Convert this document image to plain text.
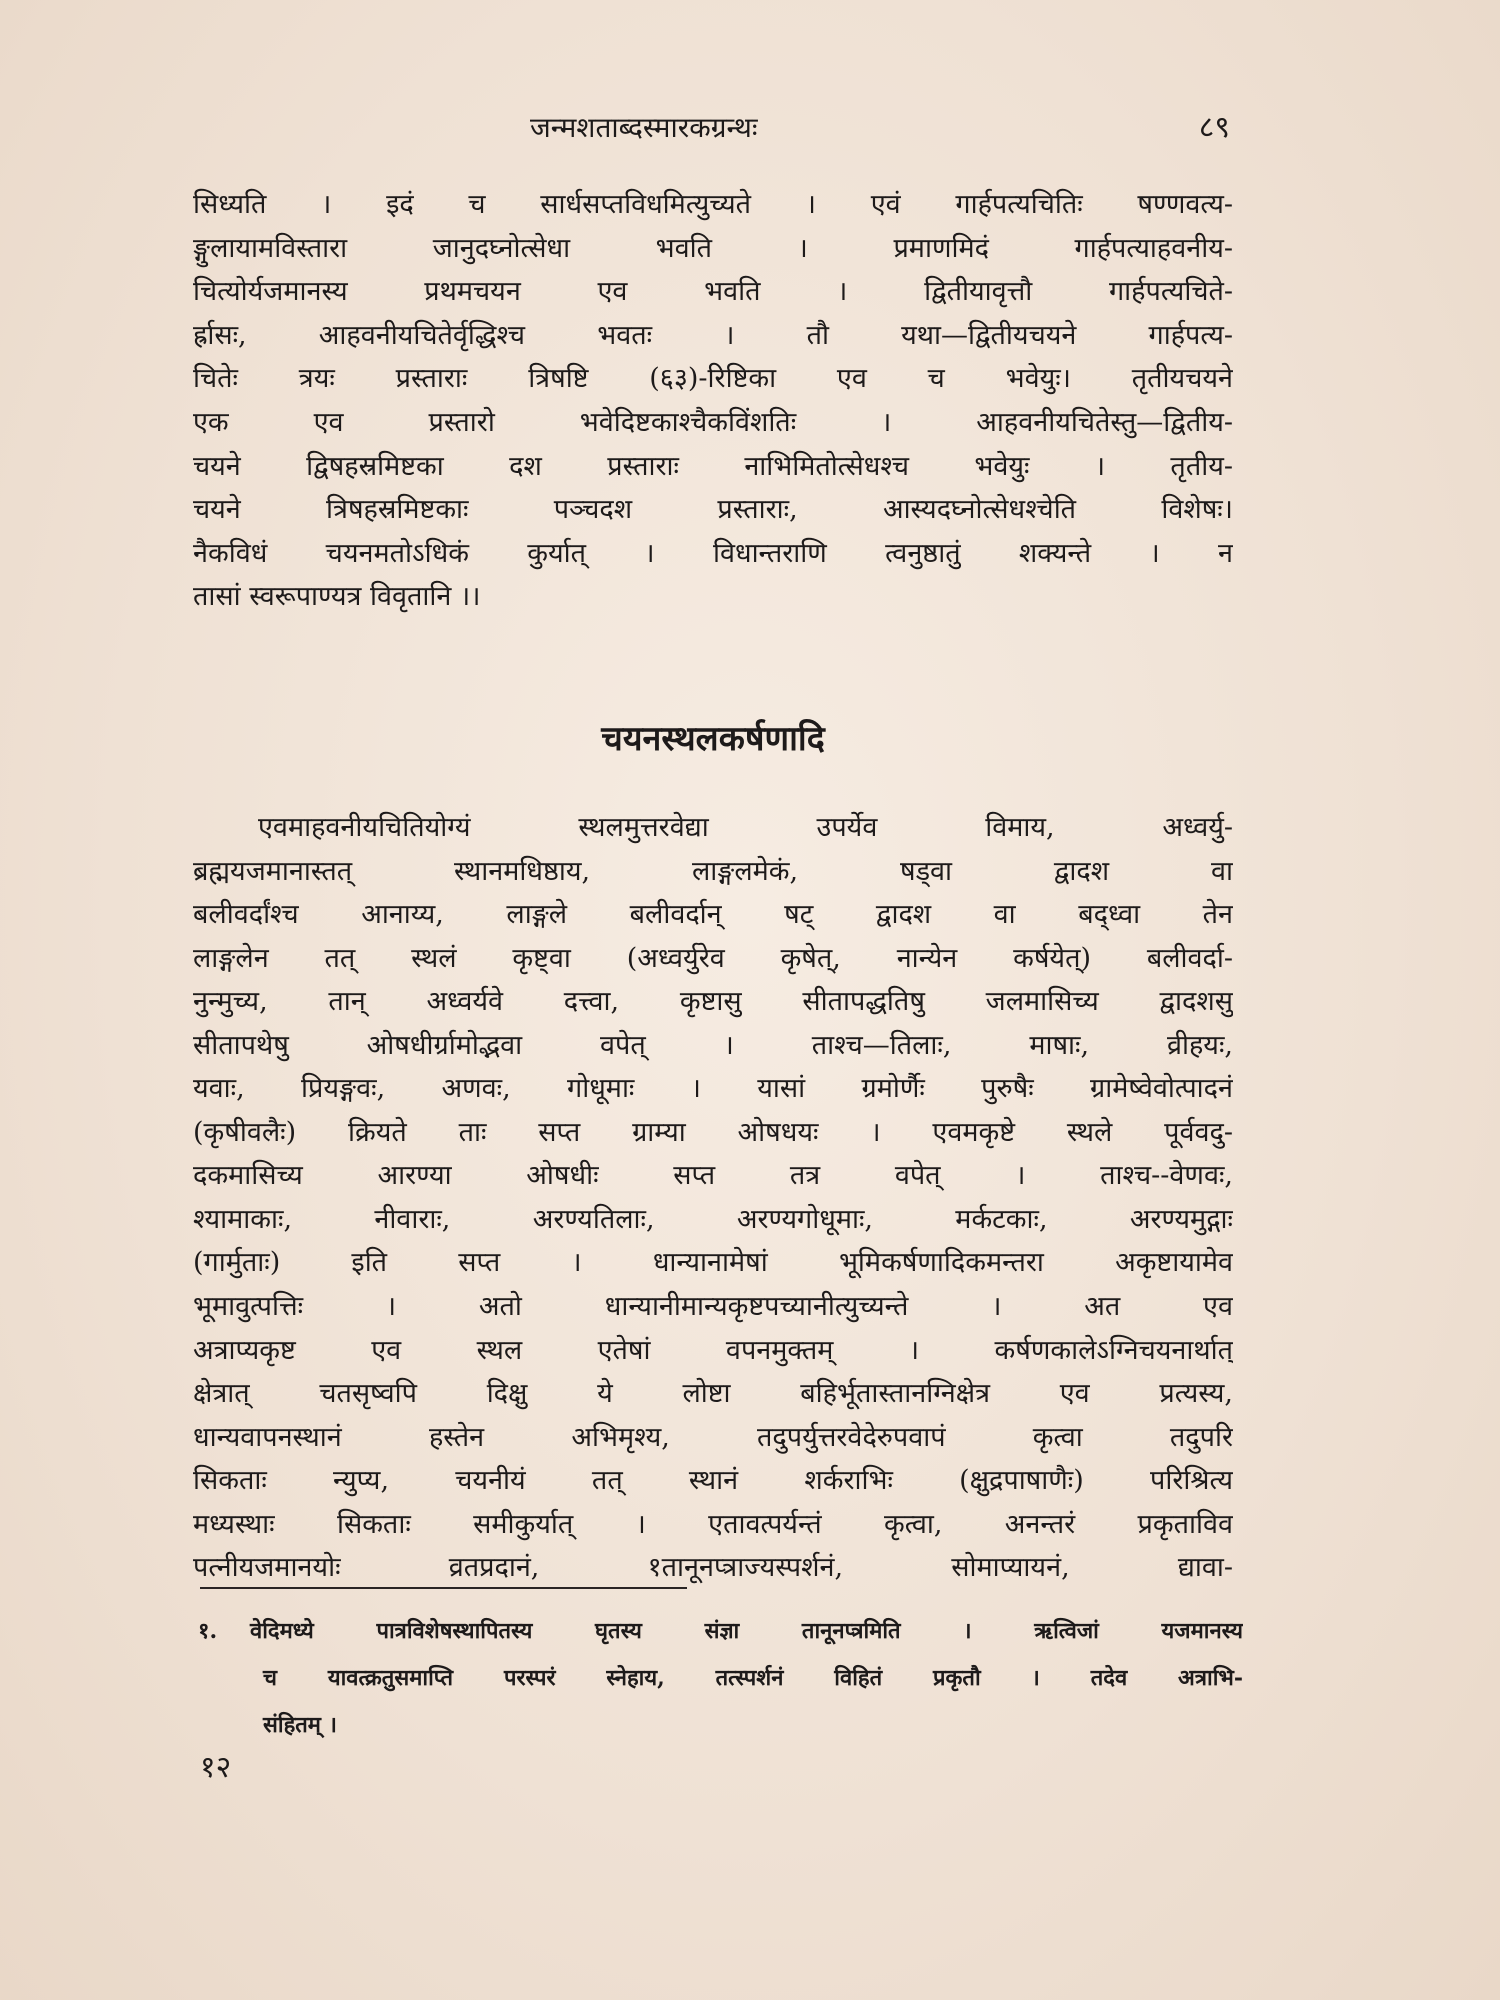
जन्मशताब्दस्मारकग्रन्थः	८९
सिध्यति । इदं च सार्धसप्तविधमित्युच्यते । एवं गार्हपत्यचितिः षण्णवत्य-
ङ्गुलायामविस्तारा जानुदघ्नोत्सेधा भवति । प्रमाणमिदं गार्हपत्याहवनीय-
चित्योर्यजमानस्य प्रथमचयन एव भवति । द्वितीयावृत्तौ गार्हपत्यचिते-
र्ह्रासः, आहवनीयचितेर्वृद्धिश्च भवतः । तौ यथा—द्वितीयचयने गार्हपत्य-
चितेः त्रयः प्रस्ताराः त्रिषष्टि (६३)-रिष्टिका एव च भवेयुः। तृतीयचयने
एक एव प्रस्तारो भवेदिष्टकाश्चैकविंशतिः । आहवनीयचितेस्तु—द्वितीय-
चयने द्विषहस्रमिष्टका दश प्रस्ताराः नाभिमितोत्सेधश्च भवेयुः । तृतीय-
चयने त्रिषहस्रमिष्टकाः पञ्चदश प्रस्ताराः, आस्यदघ्नोत्सेधश्चेति विशेषः।
नैकविधं चयनमतोऽधिकं कुर्यात् । विधान्तराणि त्वनुष्ठातुं शक्यन्ते । न
तासां स्वरूपाण्यत्र विवृतानि ।।
चयनस्थलकर्षणादि
एवमाहवनीयचितियोग्यं स्थलमुत्तरवेद्या उपर्येव विमाय, अध्वर्यु-
ब्रह्मयजमानास्तत् स्थानमधिष्ठाय, लाङ्गलमेकं, षड्वा द्वादश वा
बलीवर्दांश्च आनाय्य, लाङ्गले बलीवर्दान् षट् द्वादश वा बद्ध्वा तेन
लाङ्गलेन तत् स्थलं कृष्ट्वा (अध्वर्युरेव कृषेत्, नान्येन कर्षयेत्) बलीवर्दा-
नुन्मुच्य, तान् अध्वर्यवे दत्त्वा, कृष्टासु सीतापद्धतिषु जलमासिच्य द्वादशसु
सीतापथेषु ओषधीर्ग्रामोद्भवा वपेत् । ताश्च—तिलाः, माषाः, व्रीहयः,
यवाः, प्रियङ्गवः, अणवः, गोधूमाः । यासां ग्रमोर्णैः पुरुषैः ग्रामेष्वेवोत्पादनं
(कृषीवलैः) क्रियते ताः सप्त ग्राम्या ओषधयः । एवमकृष्टे स्थले पूर्ववदु-
दकमासिच्य आरण्या ओषधीः सप्त तत्र वपेत् । ताश्च--वेणवः,
श्यामाकाः, नीवाराः, अरण्यतिलाः, अरण्यगोधूमाः, मर्कटकाः, अरण्यमुद्गाः
(गार्मुताः) इति सप्त । धान्यानामेषां भूमिकर्षणादिकमन्तरा अकृष्टायामेव
भूमावुत्पत्तिः । अतो धान्यानीमान्यकृष्टपच्यानीत्युच्यन्ते । अत एव
अत्राप्यकृष्ट एव स्थल एतेषां वपनमुक्तम् । कर्षणकालेऽग्निचयनार्थात्
क्षेत्रात् चतसृष्वपि दिक्षु ये लोष्टा बहिर्भूतास्तानग्निक्षेत्र एव प्रत्यस्य,
धान्यवापनस्थानं हस्तेन अभिमृश्य, तदुपर्युत्तरवेदेरुपवापं कृत्वा तदुपरि
सिकताः न्युप्य, चयनीयं तत् स्थानं शर्कराभिः (क्षुद्रपाषाणैः) परिश्रित्य
मध्यस्थाः सिकताः समीकुर्यात् । एतावत्पर्यन्तं कृत्वा, अनन्तरं प्रकृताविव
पत्नीयजमानयोः व्रतप्रदानं, १तानूनप्त्राज्यस्पर्शनं, सोमाप्यायनं, द्यावा-
१. वेदिमध्ये पात्रविशेषस्थापितस्य घृतस्य संज्ञा तानूनप्त्रमिति । ऋत्विजां यजमानस्य
च यावत्क्रतुसमाप्ति परस्परं स्नेहाय, तत्स्पर्शनं विहितं प्रकृतौ । तदेव अत्राभि-
संहितम् ।
१२
